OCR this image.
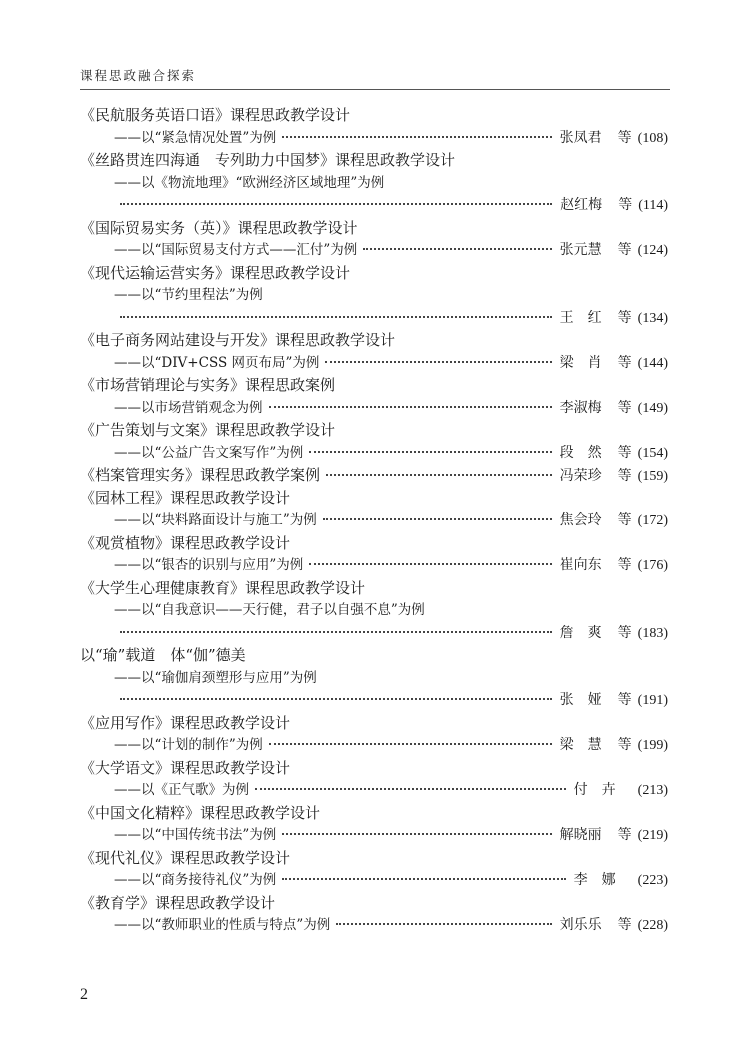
课程思政融合探索
《民航服务英语口语》课程思政教学设计
——以“紧急情况处置”为例	张凤君 等 (108)
《丝路贯连四海通　专列助力中国梦》课程思政教学设计
——以《物流地理》“欧洲经济区域地理”为例
赵红梅 等 (114)
《国际贸易实务（英）》课程思政教学设计
——以“国际贸易支付方式——汇付”为例	张元慧 等 (124)
《现代运输运营实务》课程思政教学设计
——以“节约里程法”为例
王　红 等 (134)
《电子商务网站建设与开发》课程思政教学设计
——以“DIV+CSS 网页布局”为例	梁　肖 等 (144)
《市场营销理论与实务》课程思政案例
——以市场营销观念为例	李淑梅 等 (149)
《广告策划与文案》课程思政教学设计
——以“公益广告文案写作”为例	段　然 等 (154)
《档案管理实务》课程思政教学案例	冯荣珍 等 (159)
《园林工程》课程思政教学设计
——以“块料路面设计与施工”为例	焦会玲 等 (172)
《观赏植物》课程思政教学设计
——以“银杏的识别与应用”为例	崔向东 等 (176)
《大学生心理健康教育》课程思政教学设计
——以“自我意识——天行健，君子以自强不息”为例
詹　爽 等 (183)
以“瑜”载道　体“伽”德美
——以“瑜伽肩颈塑形与应用”为例
张　娅 等 (191)
《应用写作》课程思政教学设计
——以“计划的制作”为例	梁　慧 等 (199)
《大学语文》课程思政教学设计
——以《正气歌》为例	付　卉 (213)
《中国文化精粹》课程思政教学设计
——以“中国传统书法”为例	解晓丽 等 (219)
《现代礼仪》课程思政教学设计
——以“商务接待礼仪”为例	李　娜 (223)
《教育学》课程思政教学设计
——以“教师职业的性质与特点”为例	刘乐乐 等 (228)
2
